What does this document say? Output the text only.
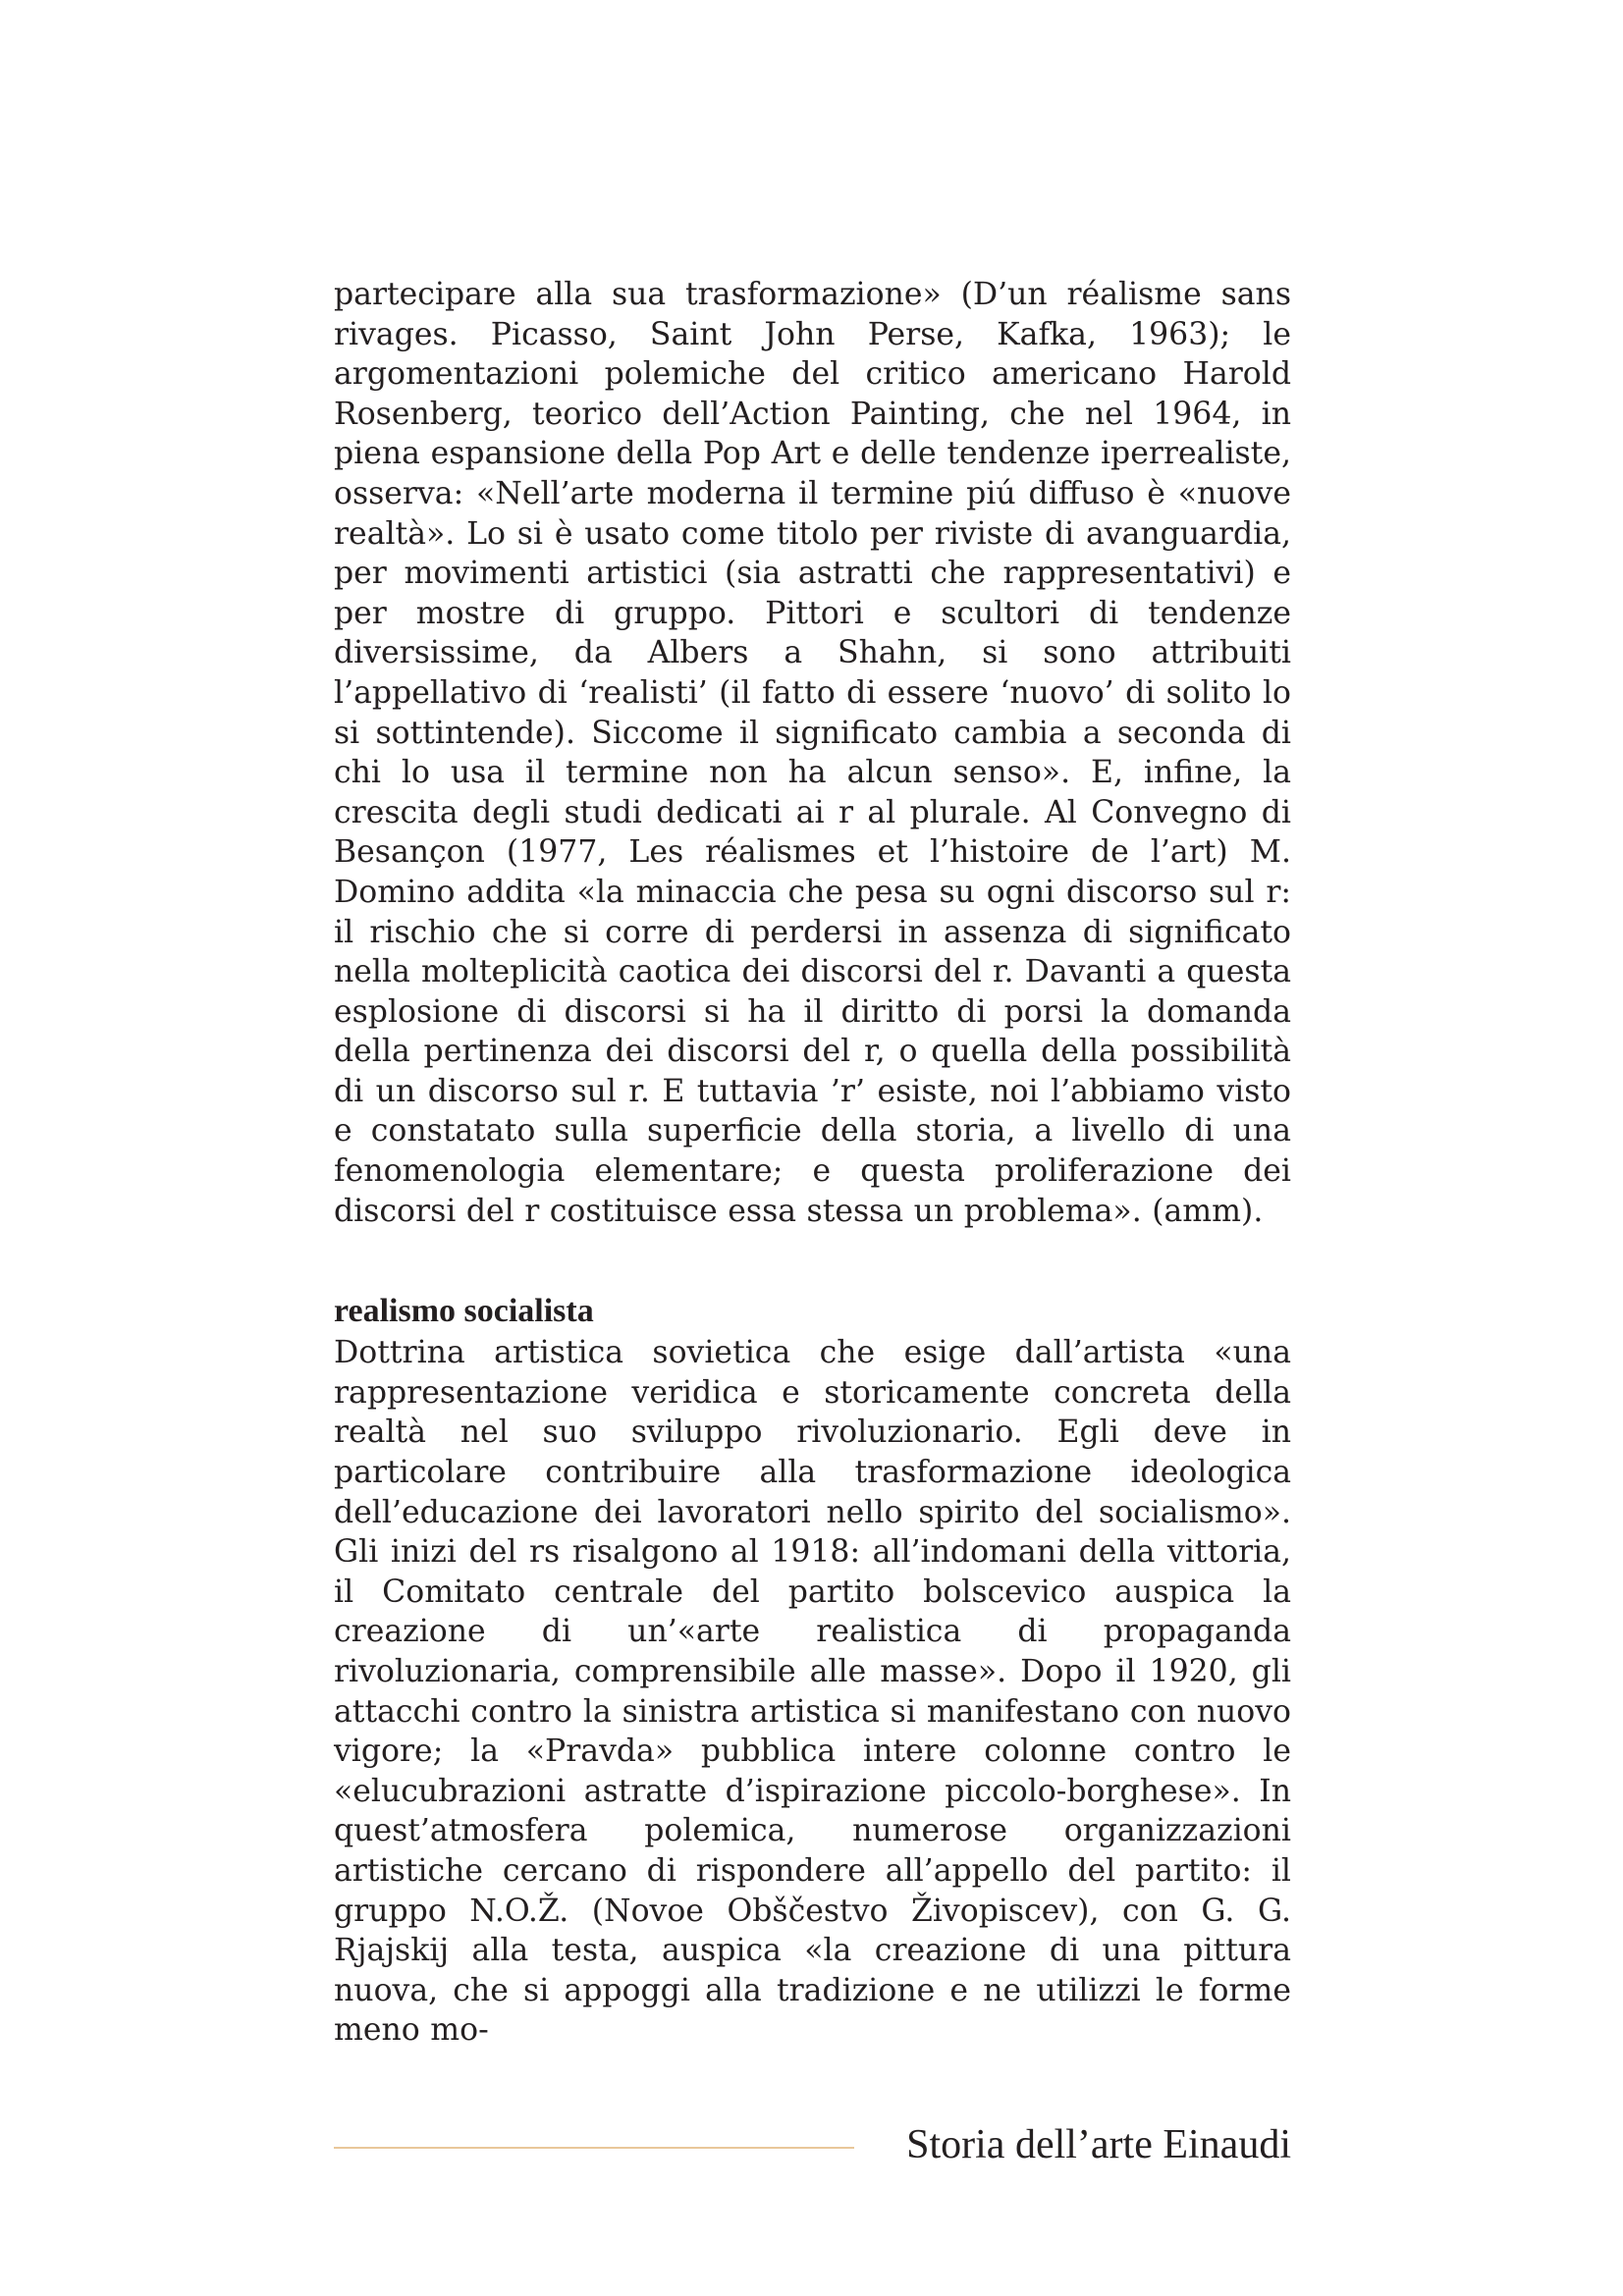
partecipare alla sua trasformazione» (D’un réalisme sans rivages. Picasso, Saint John Perse, Kafka, 1963); le argomentazioni polemiche del critico americano Harold Rosenberg, teorico dell’Action Painting, che nel 1964, in piena espansione della Pop Art e delle tendenze iperrealiste, osserva: «Nell’arte moderna il termine piú diffuso è «nuove realtà». Lo si è usato come titolo per riviste di avanguardia, per movimenti artistici (sia astratti che rappresentativi) e per mostre di gruppo. Pittori e scultori di tendenze diversissime, da Albers a Shahn, si sono attribuiti l’appellativo di ‘realisti’ (il fatto di essere ‘nuovo’ di solito lo si sottintende). Siccome il significato cambia a seconda di chi lo usa il termine non ha alcun senso». E, infine, la crescita degli studi dedicati ai r al plurale. Al Convegno di Besançon (1977, Les réalismes et l’histoire de l’art) M. Domino addita «la minaccia che pesa su ogni discorso sul r: il rischio che si corre di perdersi in assenza di significato nella molteplicità caotica dei discorsi del r. Davanti a questa esplosione di discorsi si ha il diritto di porsi la domanda della pertinenza dei discorsi del r, o quella della possibilità di un discorso sul r. E tuttavia ’r’ esiste, noi l’abbiamo visto e constatato sulla superficie della storia, a livello di una fenomenologia elementare; e questa proliferazione dei discorsi del r costituisce essa stessa un problema». (amm).

realismo socialista

Dottrina artistica sovietica che esige dall’artista «una rappresentazione veridica e storicamente concreta della realtà nel suo sviluppo rivoluzionario. Egli deve in particolare contribuire alla trasformazione ideologica dell’educazione dei lavoratori nello spirito del socialismo». Gli inizi del rs risalgono al 1918: all’indomani della vittoria, il Comitato centrale del partito bolscevico auspica la creazione di un’«arte realistica di propaganda rivoluzionaria, comprensibile alle masse». Dopo il 1920, gli attacchi contro la sinistra artistica si manifestano con nuovo vigore; la «Pravda» pubblica intere colonne contro le «elucubrazioni astratte d’ispirazione piccolo-borghese». In quest’atmosfera polemica, numerose organizzazioni artistiche cercano di rispondere all’appello del partito: il gruppo N.O.Ž. (Novoe Obščestvo Živopiscev), con G. G. Rjajskij alla testa, auspica «la creazione di una pittura nuova, che si appoggi alla tradizione e ne utilizzi le forme meno mo-

Storia dell’arte Einaudi
